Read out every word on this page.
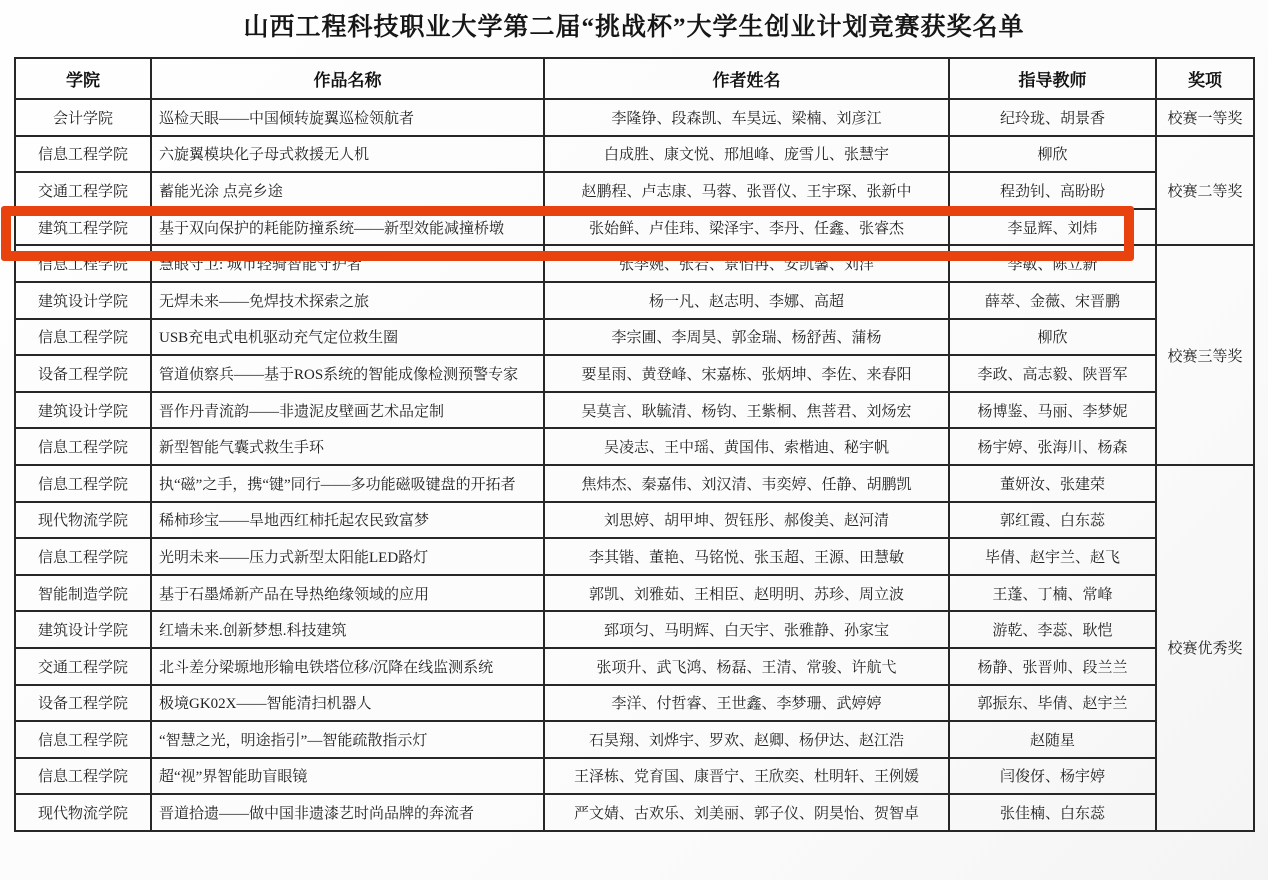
山西工程科技职业大学第二届“挑战杯”大学生创业计划竞赛获奖名单
学院	作品名称	作者姓名	指导教师	奖项
会计学院	巡检天眼——中国倾转旋翼巡检领航者	李隆铮、段森凯、车昊远、梁楠、刘彦江	纪玲珑、胡景香	校赛一等奖
信息工程学院	六旋翼模块化子母式救援无人机	白成胜、康文悦、邢旭峰、庞雪儿、张慧宇	柳欣	校赛二等奖
交通工程学院	蓄能光涂 点亮乡途	赵鹏程、卢志康、马蓉、张晋仪、王宇琛、张新中	程劲钊、高盼盼	
建筑工程学院	基于双向保护的耗能防撞系统——新型效能减撞桥墩	张始鲜、卢佳玮、梁泽宇、李丹、任鑫、张睿杰	李显辉、刘炜	
信息工程学院	慧眼守卫: 城市轻骑智能守护者	张李婉、张岩、景怡冉、安凯馨、刘洋	李敏、陈立新	校赛三等奖
建筑设计学院	无焊未来——免焊技术探索之旅	杨一凡、赵志明、李娜、高超	薛萃、金薇、宋晋鹏	
信息工程学院	USB充电式电机驱动充气定位救生圈	李宗圃、李周昊、郭金瑞、杨舒茜、蒲杨	柳欣	
设备工程学院	管道侦察兵——基于ROS系统的智能成像检测预警专家	要星雨、黄登峰、宋嘉栋、张炳坤、李佐、来春阳	李政、高志毅、陕晋军	
建筑设计学院	晋作丹青流韵——非遗泥皮壁画艺术品定制	吴莫言、耿毓清、杨钧、王紫桐、焦菩君、刘炀宏	杨博鉴、马丽、李梦妮	
信息工程学院	新型智能气囊式救生手环	吴凌志、王中瑶、黄国伟、索楷迪、秘宇帆	杨宇婷、张海川、杨森	
信息工程学院	执“磁”之手，携“键”同行——多功能磁吸键盘的开拓者	焦炜杰、秦嘉伟、刘汉清、韦奕婷、任静、胡鹏凯	董妍汝、张建荣	校赛优秀奖
现代物流学院	稀柿珍宝——旱地西红柿托起农民致富梦	刘思婷、胡甲坤、贺钰彤、郝俊美、赵河清	郭红霞、白东蕊	
信息工程学院	光明未来——压力式新型太阳能LED路灯	李其锴、董艳、马铭悦、张玉超、王源、田慧敏	毕倩、赵宇兰、赵飞	
智能制造学院	基于石墨烯新产品在导热绝缘领域的应用	郭凯、刘雅茹、王相臣、赵明明、苏珍、周立波	王蓬、丁楠、常峰	
建筑设计学院	红墙未来.创新梦想.科技建筑	郅项匀、马明辉、白天宇、张雅静、孙家宝	游乾、李蕊、耿恺	
交通工程学院	北斗差分梁塬地形输电铁塔位移/沉降在线监测系统	张项升、武飞鸿、杨磊、王清、常骏、许航弋	杨静、张晋帅、段兰兰	
设备工程学院	极境GK02X——智能清扫机器人	李洋、付哲睿、王世鑫、李梦珊、武婷婷	郭振东、毕倩、赵宇兰	
信息工程学院	“智慧之光，明途指引”—智能疏散指示灯	石昊翔、刘烨宇、罗欢、赵卿、杨伊达、赵江浩	赵随星	
信息工程学院	超“视”界智能助盲眼镜	王泽栋、党育国、康晋宁、王欣奕、杜明轩、王例媛	闫俊伢、杨宇婷	
现代物流学院	晋道拾遗——做中国非遗漆艺时尚品牌的奔流者	严文婧、古欢乐、刘美丽、郭子仪、阴昊怡、贺智卓	张佳楠、白东蕊	
